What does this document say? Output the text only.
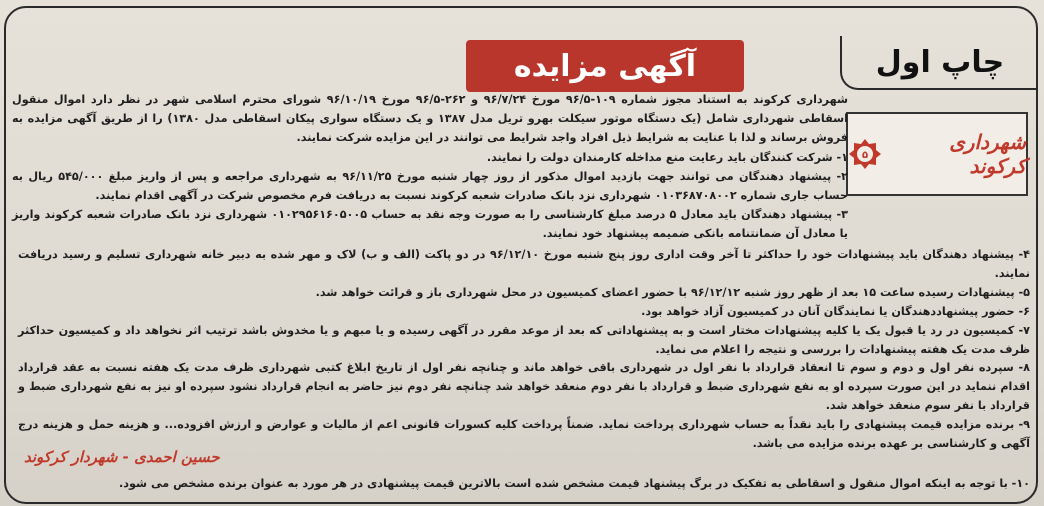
آگهی مزایده	چاپ اول
شهرداری کرکوند
۵

شهرداری کرکوند به استناد مجوز شماره ۱۰۹-۹۶/۵ مورخ ۹۶/۷/۲۴ و ۲۶۲-۹۶/۵ مورخ ۹۶/۱۰/۱۹ شورای محترم اسلامی شهر در نظر دارد اموال منقول اسقاطی شهرداری شامل (یک دستگاه موتور سیکلت بهرو تریل مدل ۱۳۸۷ و یک دستگاه سواری پیکان اسقاطی مدل ۱۳۸۰) را از طریق آگهی مزایده به فروش برساند و لذا با عنایت به شرایط ذیل افراد واجد شرایط می توانند در این مزایده شرکت نمایند.

۱- شرکت کنندگان باید رعایت منع مداخله کارمندان دولت را نمایند.

۲- پیشنهاد دهندگان می توانند جهت بازدید اموال مذکور از روز چهار شنبه مورخ ۹۶/۱۱/۲۵ به شهرداری مراجعه و پس از واریز مبلغ ۵۴۵/۰۰۰ ریال به حساب جاری شماره ۰۱۰۳۶۸۷۰۸۰۰۲ شهرداری نزد بانک صادرات شعبه کرکوند نسبت به دریافت فرم مخصوص شرکت در آگهی اقدام نمایند.

۳- پیشنهاد دهندگان باید معادل ۵ درصد مبلغ کارشناسی را به صورت وجه نقد به حساب ۰۱۰۲۹۵۶۱۶۰۵۰۰۵ شهرداری نزد بانک صادرات شعبه کرکوند واریز یا معادل آن ضمانتنامه بانکی ضمیمه پیشنهاد خود نمایند.

۴- پیشنهاد دهندگان باید پیشنهادات خود را حداکثر تا آخر وقت اداری روز پنج شنبه مورخ ۹۶/۱۲/۱۰ در دو پاکت (الف و ب) لاک و مهر شده به دبیر خانه شهرداری تسلیم و رسید دریافت نمایند.

۵- پیشنهادات رسیده ساعت ۱۵ بعد از ظهر روز شنبه ۹۶/۱۲/۱۲ با حضور اعضای کمیسیون در محل شهرداری باز و قرائت خواهد شد.

۶- حضور پیشنهاددهندگان یا نمایندگان آنان در کمیسیون آزاد خواهد بود.

۷- کمیسیون در رد یا قبول یک یا کلیه پیشنهادات مختار است و به پیشنهاداتی که بعد از موعد مقرر در آگهی رسیده و یا مبهم و یا مخدوش باشد ترتیب اثر نخواهد داد و کمیسیون حداکثر ظرف مدت یک هفته پیشنهادات را بررسی و نتیجه را اعلام می نماید.

۸- سپرده نفر اول و دوم و سوم تا انعقاد قرارداد با نفر اول در شهرداری باقی خواهد ماند و چنانچه نفر اول از تاریخ ابلاغ کتبی شهرداری ظرف مدت یک هفته نسبت به عقد قرارداد اقدام ننماید در این صورت سپرده او به نفع شهرداری ضبط و قرارداد با نفر دوم منعقد خواهد شد چنانچه نفر دوم نیز حاضر به انجام قرارداد نشود سپرده او نیز به نفع شهرداری ضبط و قرارداد با نفر سوم منعقد خواهد شد.

۹- برنده مزایده قیمت پیشنهادی را باید نقداً به حساب شهرداری پرداخت نماید. ضمناً پرداخت کلیه کسورات قانونی اعم از مالیات و عوارض و ارزش افزوده... و هزینه حمل و هزینه درج آگهی و کارشناسی بر عهده برنده مزایده می باشد.

حسین احمدی - شهردار کرکوند
۱۰- با توجه به اینکه اموال منقول و اسقاطی به تفکیک در برگ پیشنهاد قیمت مشخص شده است بالاترین قیمت پیشنهادی در هر مورد به عنوان برنده مشخص می شود.
